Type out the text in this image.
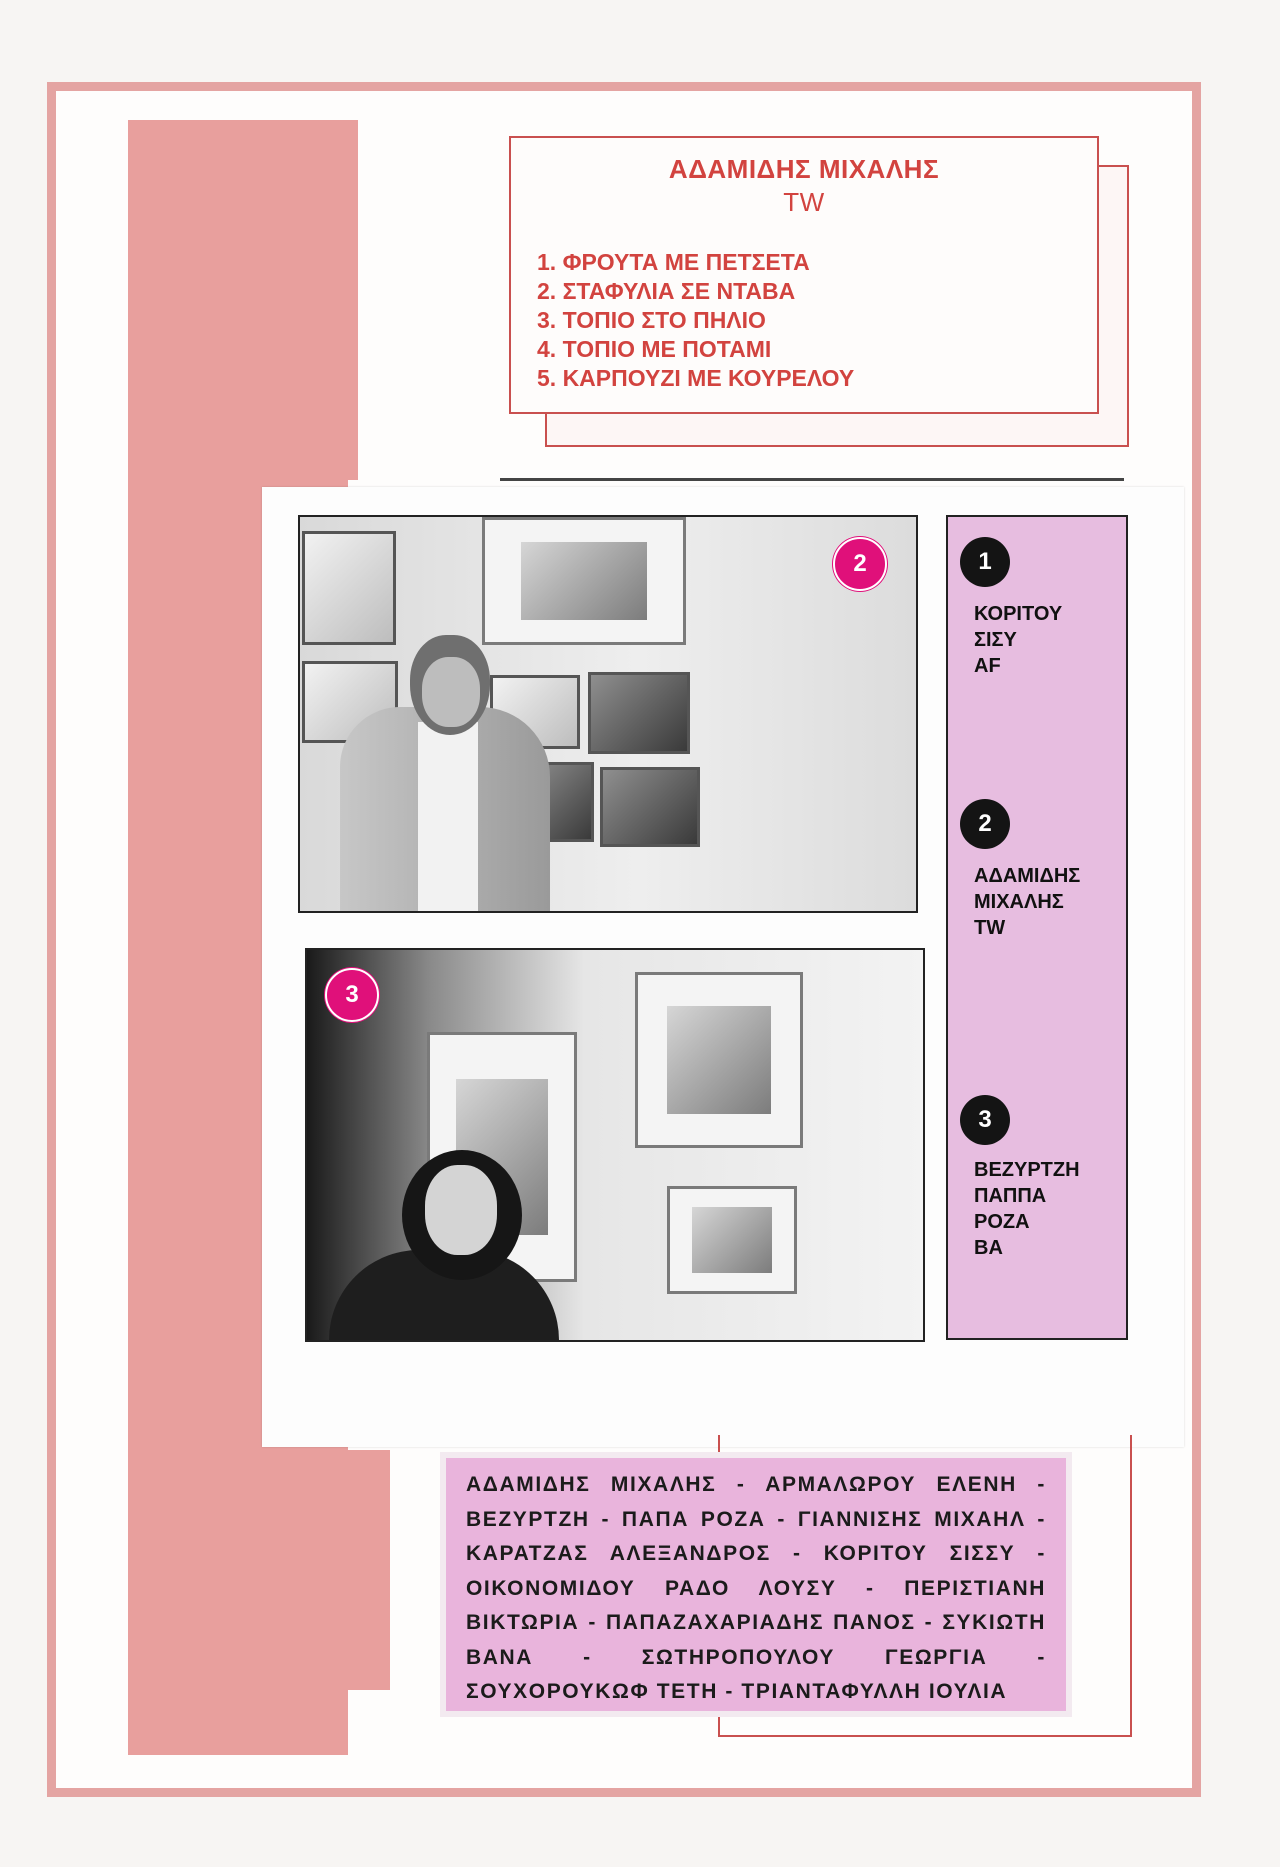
ΑΔΑΜΙΔΗΣ ΜΙΧΑΛΗΣ
TW
1. ΦΡΟΥΤΑ ΜΕ ΠΕΤΣΕΤΑ
2. ΣΤΑΦΥΛΙΑ ΣΕ ΝΤΑΒΑ
3. ΤΟΠΙΟ ΣΤΟ ΠΗΛΙΟ
4. ΤΟΠΙΟ ΜΕ ΠΟΤΑΜΙ
5. ΚΑΡΠΟΥΖΙ ΜΕ ΚΟΥΡΕΛΟΥ
2
3
1
ΚΟΡΙΤΟΥ
ΣΙΣΥ
AF
2
ΑΔΑΜΙΔΗΣ
ΜΙΧΑΛΗΣ
TW
3
ΒΕΖΥΡΤΖΗ
ΠΑΠΠΑ
ΡΟΖΑ
ΒΑ

ΑΔΑΜΙΔΗΣ ΜΙΧΑΛΗΣ - ΑΡΜΑΛΩΡΟΥ ΕΛΕΝΗ - ΒΕΖΥΡΤΖΗ - ΠΑΠΑ ΡΟΖΑ - ΓΙΑΝΝΙΣΗΣ ΜΙΧΑΗΛ - ΚΑΡΑΤΖΑΣ ΑΛΕΞΑΝΔΡΟΣ - ΚΟΡΙΤΟΥ ΣΙΣΣΥ - ΟΙΚΟΝΟΜΙΔΟΥ ΡΑΔΟ ΛΟΥΣΥ - ΠΕΡΙΣΤΙΑΝΗ ΒΙΚΤΩΡΙΑ - ΠΑΠΑΖΑΧΑΡΙΑΔΗΣ ΠΑΝΟΣ - ΣΥΚΙΩΤΗ ΒΑΝΑ - ΣΩΤΗΡΟΠΟΥΛΟΥ ΓΕΩΡΓΙΑ - ΣΟΥΧΟΡΟΥΚΩΦ ΤΕΤΗ - ΤΡΙΑΝΤΑΦΥΛΛΗ ΙΟΥΛΙΑ
